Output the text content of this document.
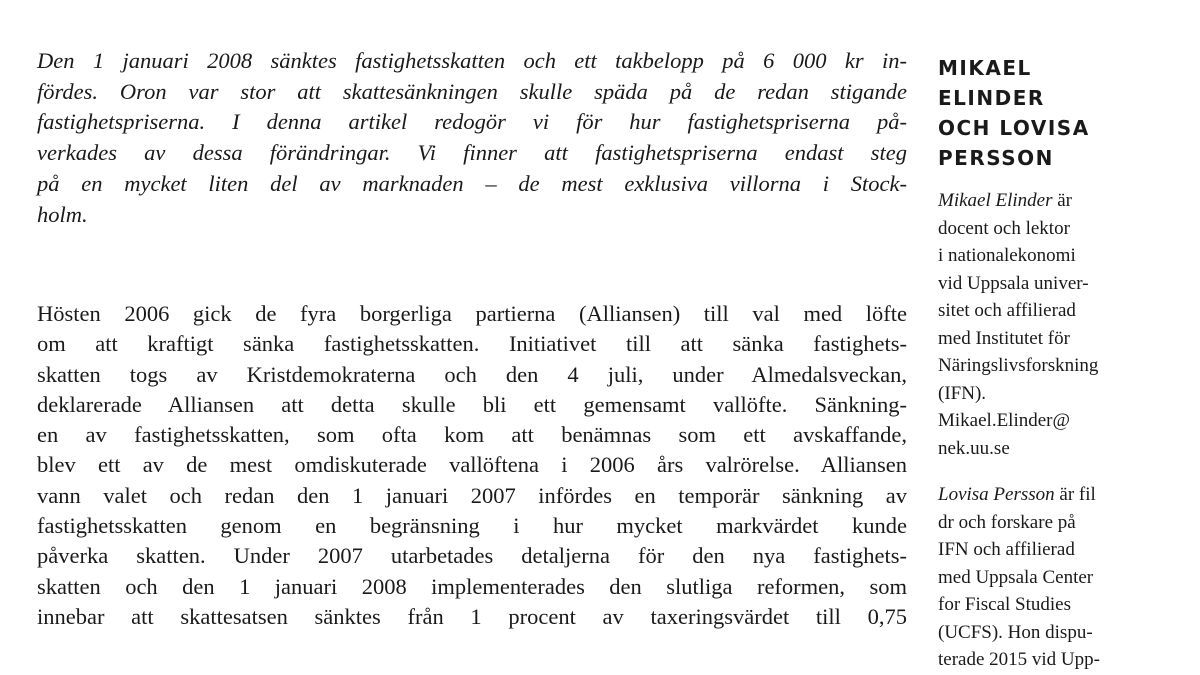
Den 1 januari 2008 sänktes fastighetsskatten och ett takbelopp på 6 000 kr in-
fördes. Oron var stor att skattesänkningen skulle späda på de redan stigande
fastighetspriserna. I denna artikel redogör vi för hur fastighetspriserna på-
verkades av dessa förändringar. Vi finner att fastighetspriserna endast steg
på en mycket liten del av marknaden – de mest exklusiva villorna i Stock-
holm.
Hösten 2006 gick de fyra borgerliga partierna (Alliansen) till val med löfte
om att kraftigt sänka fastighetsskatten. Initiativet till att sänka fastighets-
skatten togs av Kristdemokraterna och den 4 juli, under Almedalsveckan,
deklarerade Alliansen att detta skulle bli ett gemensamt vallöfte. Sänkning-
en av fastighetsskatten, som ofta kom att benämnas som ett avskaffande,
blev ett av de mest omdiskuterade vallöftena i 2006 års valrörelse. Alliansen
vann valet och redan den 1 januari 2007 infördes en temporär sänkning av
fastighetsskatten genom en begränsning i hur mycket markvärdet kunde
påverka skatten. Under 2007 utarbetades detaljerna för den nya fastighets-
skatten och den 1 januari 2008 implementerades den slutliga reformen, som
innebar att skattesatsen sänktes från 1 procent av taxeringsvärdet till 0,75
MIKAEL
ELINDER
OCH LOVISA
PERSSON
Mikael Elinder är
docent och lektor
i nationalekonomi
vid Uppsala univer-
sitet och affilierad
med Institutet för
Näringslivsforskning
(IFN).
Mikael.Elinder@
nek.uu.se
Lovisa Persson är fil
dr och forskare på
IFN och affilierad
med Uppsala Center
for Fiscal Studies
(UCFS). Hon dispu-
terade 2015 vid Upp-
